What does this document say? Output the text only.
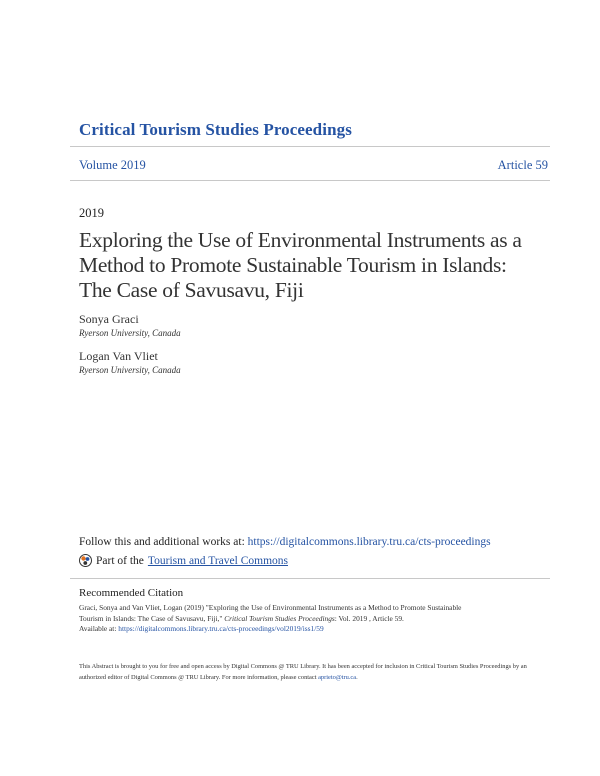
Critical Tourism Studies Proceedings
Volume 2019	Article 59
2019
Exploring the Use of Environmental Instruments as a Method to Promote Sustainable Tourism in Islands: The Case of Savusavu, Fiji
Sonya Graci
Ryerson University, Canada
Logan Van Vliet
Ryerson University, Canada
Follow this and additional works at: https://digitalcommons.library.tru.ca/cts-proceedings
Part of the Tourism and Travel Commons
Recommended Citation
Graci, Sonya and Van Vliet, Logan (2019) "Exploring the Use of Environmental Instruments as a Method to Promote Sustainable
Tourism in Islands: The Case of Savusavu, Fiji," Critical Tourism Studies Proceedings: Vol. 2019 , Article 59.
Available at: https://digitalcommons.library.tru.ca/cts-proceedings/vol2019/iss1/59
This Abstract is brought to you for free and open access by Digital Commons @ TRU Library. It has been accepted for inclusion in Critical Tourism Studies Proceedings by an authorized editor of Digital Commons @ TRU Library. For more information, please contact aprieto@tru.ca.
